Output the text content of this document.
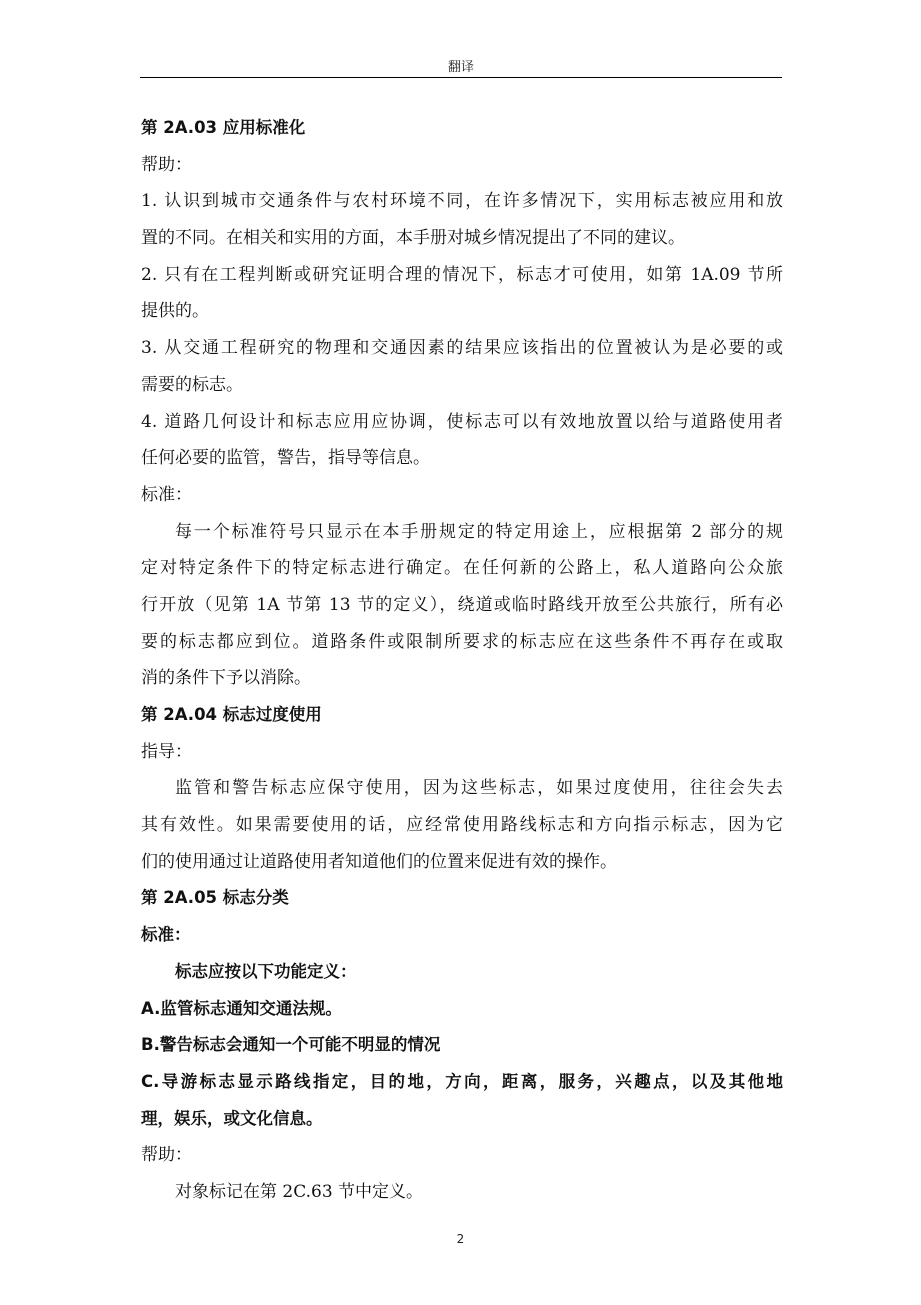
翻译
第 2A.03 应用标准化
帮助：
1. 认识到城市交通条件与农村环境不同，在许多情况下，实用标志被应用和放
置的不同。在相关和实用的方面，本手册对城乡情况提出了不同的建议。
2. 只有在工程判断或研究证明合理的情况下，标志才可使用，如第 1A.09 节所
提供的。
3. 从交通工程研究的物理和交通因素的结果应该指出的位置被认为是必要的或
需要的标志。
4. 道路几何设计和标志应用应协调，使标志可以有效地放置以给与道路使用者
任何必要的监管，警告，指导等信息。
标准：
每一个标准符号只显示在本手册规定的特定用途上，应根据第 2 部分的规
定对特定条件下的特定标志进行确定。在任何新的公路上，私人道路向公众旅
行开放（见第 1A 节第 13 节的定义），绕道或临时路线开放至公共旅行，所有必
要的标志都应到位。道路条件或限制所要求的标志应在这些条件不再存在或取
消的条件下予以消除。
第 2A.04 标志过度使用
指导：
监管和警告标志应保守使用，因为这些标志，如果过度使用，往往会失去
其有效性。如果需要使用的话，应经常使用路线标志和方向指示标志，因为它
们的使用通过让道路使用者知道他们的位置来促进有效的操作。
第 2A.05 标志分类
标准：
标志应按以下功能定义：
A.监管标志通知交通法规。
B.警告标志会通知一个可能不明显的情况
C.导游标志显示路线指定，目的地，方向，距离，服务，兴趣点，以及其他地
理，娱乐，或文化信息。
帮助：
对象标记在第 2C.63 节中定义。
2
